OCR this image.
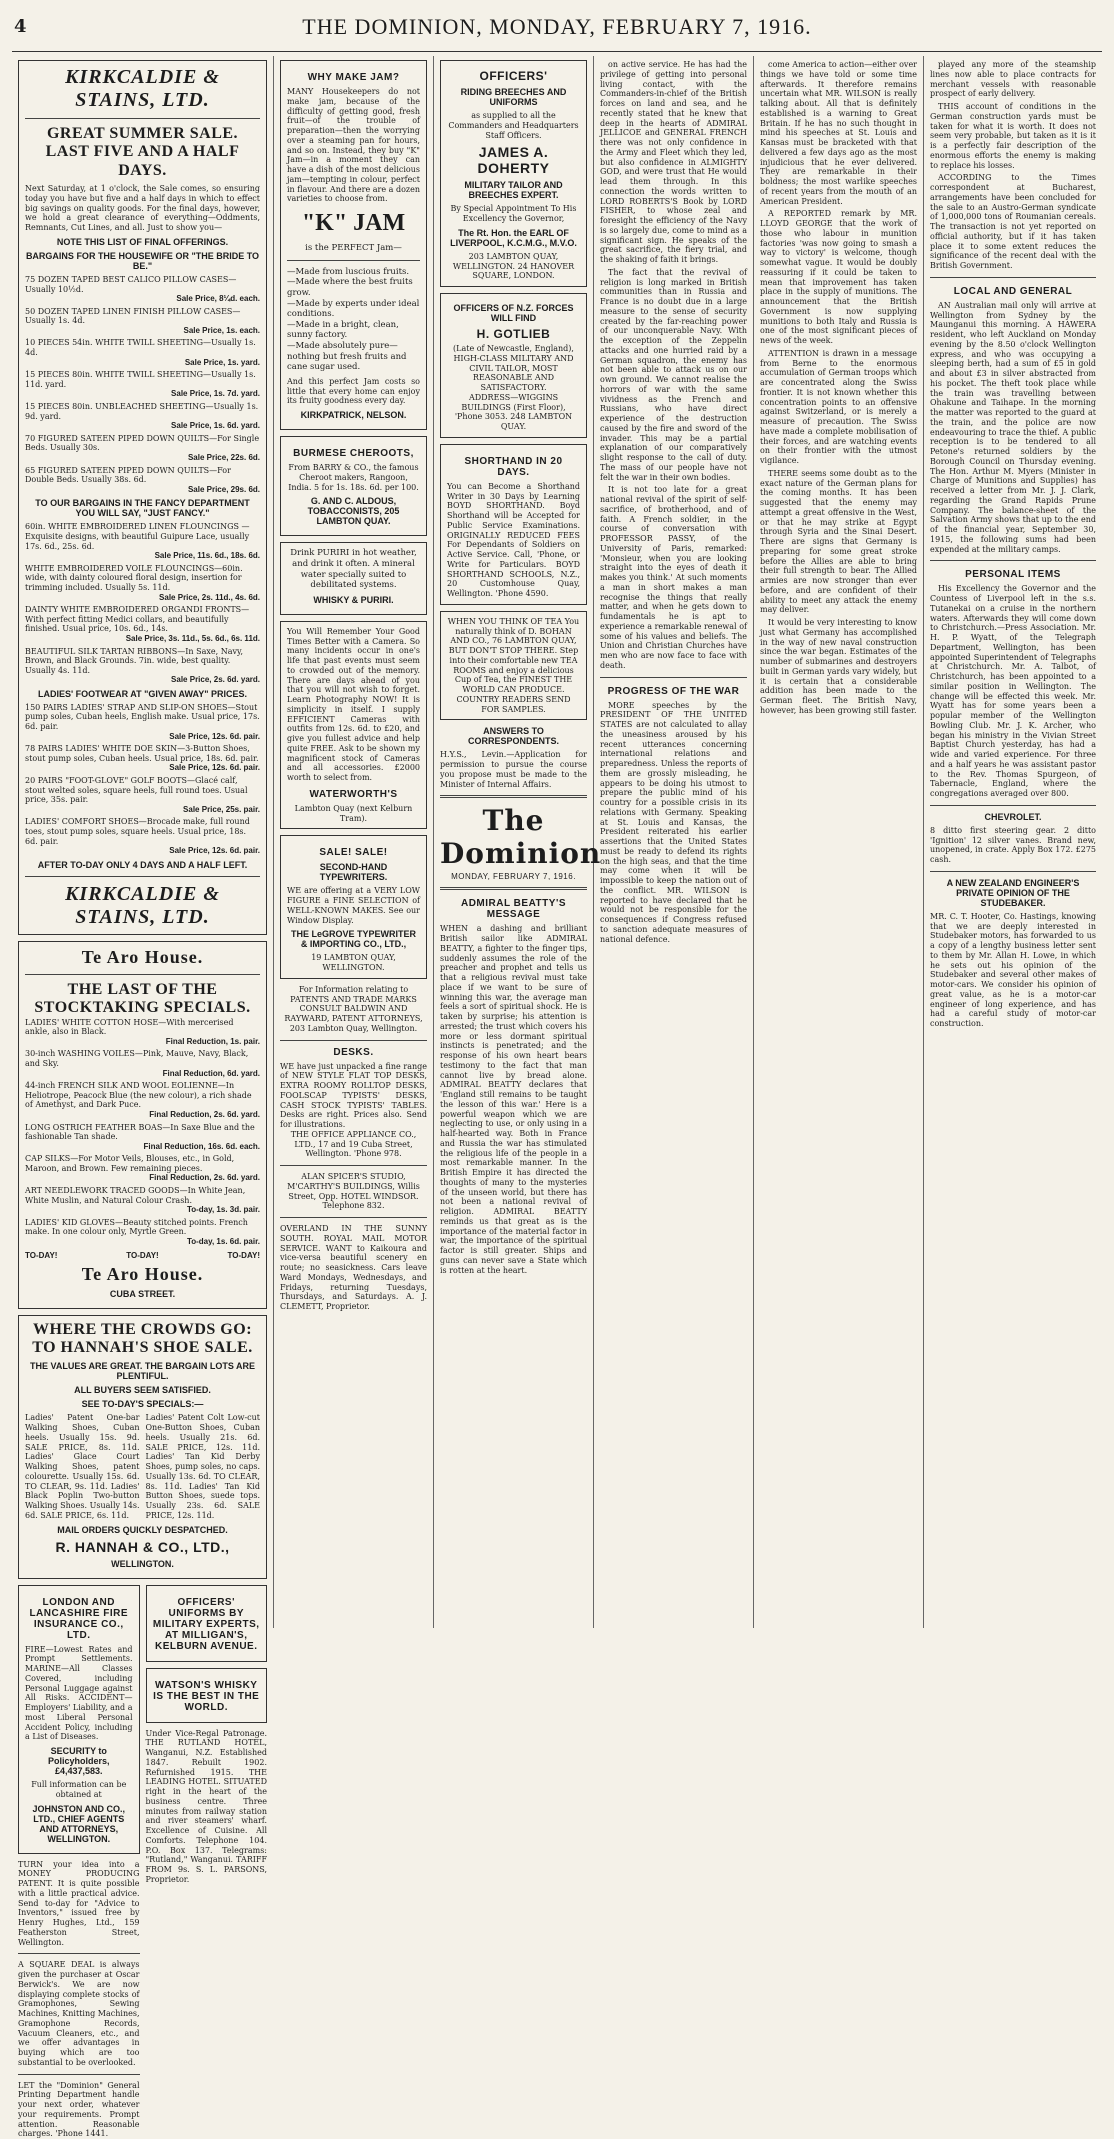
4	THE DOMINION, MONDAY, FEBRUARY 7, 1916.
KIRKCALDIE & STAINS, LTD.
GREAT SUMMER SALE.
LAST FIVE AND A HALF DAYS.
Next Saturday, at 1 o'clock, the Sale comes, so ensuring today you have but five and a half days in which to effect big savings on quality goods. For the final days, however, we hold a great clearance of everything—Oddments, Remnants, Cut Lines, and all. Just to show you—
NOTE THIS LIST OF FINAL OFFERINGS.
BARGAINS FOR THE HOUSEWIFE OR "THE BRIDE TO BE."
75 DOZEN TAPED BEST CALICO PILLOW CASES—Usually 10½d.
Sale Price, 8¼d. each.
50 DOZEN TAPED LINEN FINISH PILLOW CASES—Usually 1s. 4d.
Sale Price, 1s. each.
10 PIECES 54in. WHITE TWILL SHEETING—Usually 1s. 4d.
Sale Price, 1s. yard.
15 PIECES 80in. WHITE TWILL SHEETING—Usually 1s. 11d. yard.
Sale Price, 1s. 7d. yard.
15 PIECES 80in. UNBLEACHED SHEETING—Usually 1s. 9d. yard.
Sale Price, 1s. 6d. yard.
70 FIGURED SATEEN PIPED DOWN QUILTS—For Single Beds. Usually 30s.
Sale Price, 22s. 6d.
65 FIGURED SATEEN PIPED DOWN QUILTS—For Double Beds. Usually 38s. 6d.
Sale Price, 29s. 6d.
TO OUR BARGAINS IN THE FANCY DEPARTMENT YOU WILL SAY, "JUST FANCY."
60in. WHITE EMBROIDERED LINEN FLOUNCINGS — Exquisite designs, with beautiful Guipure Lace, usually 17s. 6d., 25s. 6d.
Sale Price, 11s. 6d., 18s. 6d.
WHITE EMBROIDERED VOILE FLOUNCINGS—60in. wide, with dainty coloured floral design, insertion for trimming included. Usually 5s. 11d.
Sale Price, 2s. 11d., 4s. 6d.
DAINTY WHITE EMBROIDERED ORGANDI FRONTS—With perfect fitting Medici collars, and beautifully finished. Usual price, 10s. 6d., 14s.
Sale Price, 3s. 11d., 5s. 6d., 6s. 11d.
BEAUTIFUL SILK TARTAN RIBBONS—In Saxe, Navy, Brown, and Black Grounds. 7in. wide, best quality. Usually 4s. 11d.
Sale Price, 2s. 6d. yard.
LADIES' FOOTWEAR AT "GIVEN AWAY" PRICES.
150 PAIRS LADIES' STRAP AND SLIP-ON SHOES—Stout pump soles, Cuban heels, English make. Usual price, 17s. 6d. pair.
Sale Price, 12s. 6d. pair.
78 PAIRS LADIES' WHITE DOE SKIN—3-Button Shoes, stout pump soles, Cuban heels. Usual price, 18s. 6d. pair.
Sale Price, 12s. 6d. pair.
20 PAIRS "FOOT-GLOVE" GOLF BOOTS—Glacé calf, stout welted soles, square heels, full round toes. Usual price, 35s. pair.
Sale Price, 25s. pair.
LADIES' COMFORT SHOES—Brocade make, full round toes, stout pump soles, square heels. Usual price, 18s. 6d. pair.
Sale Price, 12s. 6d. pair.
AFTER TO-DAY ONLY 4 DAYS AND A HALF LEFT.
KIRKCALDIE & STAINS, LTD.
Te Aro House.
THE LAST OF THE STOCKTAKING SPECIALS.
LADIES' WHITE COTTON HOSE—With mercerised ankle, also in Black.
Final Reduction, 1s. pair.
30-inch WASHING VOILES—Pink, Mauve, Navy, Black, and Sky.
Final Reduction, 6d. yard.
44-inch FRENCH SILK AND WOOL EOLIENNE—In Heliotrope, Peacock Blue (the new colour), a rich shade of Amethyst, and Dark Puce.
Final Reduction, 2s. 6d. yard.
LONG OSTRICH FEATHER BOAS—In Saxe Blue and the fashionable Tan shade.
Final Reduction, 16s. 6d. each.
CAP SILKS—For Motor Veils, Blouses, etc., in Gold, Maroon, and Brown. Few remaining pieces.
Final Reduction, 2s. 6d. yard.
ART NEEDLEWORK TRACED GOODS—In White Jean, White Muslin, and Natural Colour Crash.
To-day, 1s. 3d. pair.
LADIES' KID GLOVES—Beauty stitched points. French make. In one colour only, Myrtle Green.
To-day, 1s. 6d. pair.
TO-DAY!	TO-DAY!	TO-DAY!
Te Aro House.
CUBA STREET.
WHERE THE CROWDS GO: TO HANNAH'S SHOE SALE.
THE VALUES ARE GREAT. THE BARGAIN LOTS ARE PLENTIFUL.
ALL BUYERS SEEM SATISFIED.
SEE TO-DAY'S SPECIALS:—
Ladies' Patent One-bar Walking Shoes, Cuban heels. Usually 15s. 9d. SALE PRICE, 8s. 11d. Ladies' Glace Court Walking Shoes, patent colourette. Usually 15s. 6d. TO CLEAR, 9s. 11d. Ladies' Black Poplin Two-button Walking Shoes. Usually 14s. 6d. SALE PRICE, 6s. 11d.
Ladies' Patent Colt Low-cut One-Button Shoes, Cuban heels. Usually 21s. 6d. SALE PRICE, 12s. 11d. Ladies' Tan Kid Derby Shoes, pump soles, no caps. Usually 13s. 6d. TO CLEAR, 8s. 11d. Ladies' Tan Kid Button Shoes, suede tops. Usually 23s. 6d. SALE PRICE, 12s. 11d.
MAIL ORDERS QUICKLY DESPATCHED.
R. HANNAH & CO., LTD.,
WELLINGTON.
LONDON AND LANCASHIRE FIRE INSURANCE CO., LTD.
FIRE—Lowest Rates and Prompt Settlements. MARINE—All Classes Covered, including Personal Luggage against All Risks. ACCIDENT—Employers' Liability, and a most Liberal Personal Accident Policy, including a List of Diseases.
SECURITY to Policyholders, £4,437,583.
Full information can be obtained at
JOHNSTON AND CO., LTD., CHIEF AGENTS AND ATTORNEYS, WELLINGTON.
TURN your idea into a MONEY PRODUCING PATENT. It is quite possible with a little practical advice. Send to-day for "Advice to Inventors," issued free by Henry Hughes, Ltd., 159 Featherston Street, Wellington.
A SQUARE DEAL is always given the purchaser at Oscar Berwick's. We are now displaying complete stocks of Gramophones, Sewing Machines, Knitting Machines, Gramophone Records, Vacuum Cleaners, etc., and we offer advantages in buying which are too substantial to be overlooked.
LET the "Dominion" General Printing Department handle your next order, whatever your requirements. Prompt attention. Reasonable charges. 'Phone 1441.
OFFICERS' UNIFORMS BY MILITARY EXPERTS, AT MILLIGAN'S, KELBURN AVENUE.
WATSON'S WHISKY IS THE BEST IN THE WORLD.
Under Vice-Regal Patronage. THE RUTLAND HOTEL, Wanganui, N.Z. Established 1847. Rebuilt 1902. Refurnished 1915. THE LEADING HOTEL. SITUATED right in the heart of the business centre. Three minutes from railway station and river steamers' wharf. Excellence of Cuisine. All Comforts. Telephone 104. P.O. Box 137. Telegrams: "Rutland," Wanganui. TARIFF FROM 9s. S. L. PARSONS, Proprietor.
WHY MAKE JAM?
MANY Housekeepers do not make jam, because of the difficulty of getting good, fresh fruit—of the trouble of preparation—then the worrying over a steaming pan for hours, and so on. Instead, they buy "K" Jam—in a moment they can have a dish of the most delicious jam—tempting in colour, perfect in flavour. And there are a dozen varieties to choose from.
"K" JAM
is the PERFECT Jam—
—Made from luscious fruits.
—Made where the best fruits grow.
—Made by experts under ideal conditions.
—Made in a bright, clean, sunny factory.
—Made absolutely pure—nothing but fresh fruits and cane sugar used.
And this perfect Jam costs so little that every home can enjoy its fruity goodness every day.
KIRKPATRICK, NELSON.
BURMESE CHEROOTS,
From BARRY & CO., the famous Cheroot makers, Rangoon, India. 5 for 1s. 18s. 6d. per 100.
G. AND C. ALDOUS, TOBACCONISTS, 205 LAMBTON QUAY.
Drink PURIRI in hot weather, and drink it often. A mineral water specially suited to debilitated systems.
WHISKY & PURIRI.
You Will Remember Your Good Times Better with a Camera. So many incidents occur in one's life that past events must seem to crowded out of the memory. There are days ahead of you that you will not wish to forget. Learn Photography NOW! It is simplicity in itself. I supply EFFICIENT Cameras with outfits from 12s. 6d. to £20, and give you fullest advice and help quite FREE. Ask to be shown my magnificent stock of Cameras and all accessories. £2000 worth to select from.
WATERWORTH'S
Lambton Quay (next Kelburn Tram).
SALE! SALE!
SECOND-HAND TYPEWRITERS.
WE are offering at a VERY LOW FIGURE a FINE SELECTION of WELL-KNOWN MAKES. See our Window Display.
THE LeGROVE TYPEWRITER & IMPORTING CO., LTD.,
19 LAMBTON QUAY, WELLINGTON.
For Information relating to PATENTS AND TRADE MARKS CONSULT BALDWIN AND RAYWARD, PATENT ATTORNEYS, 203 Lambton Quay, Wellington.
DESKS.
WE have just unpacked a fine range of NEW STYLE FLAT TOP DESKS, EXTRA ROOMY ROLLTOP DESKS, FOOLSCAP TYPISTS' DESKS, CASH STOCK TYPISTS' TABLES. Desks are right. Prices also. Send for illustrations.
THE OFFICE APPLIANCE CO., LTD., 17 and 19 Cuba Street, Wellington. 'Phone 978.
ALAN SPICER'S STUDIO, M'CARTHY'S BUILDINGS, Willis Street, Opp. HOTEL WINDSOR. Telephone 832.
OVERLAND IN THE SUNNY SOUTH. ROYAL MAIL MOTOR SERVICE. WANT to Kaikoura and vice-versa beautiful scenery en route; no seasickness. Cars leave Ward Mondays, Wednesdays, and Fridays, returning Tuesdays, Thursdays, and Saturdays. A. J. CLEMETT, Proprietor.
OFFICERS'
RIDING BREECHES AND UNIFORMS
as supplied to all the Commanders and Headquarters Staff Officers.
JAMES A. DOHERTY
MILITARY TAILOR AND BREECHES EXPERT.
By Special Appointment To His Excellency the Governor,
The Rt. Hon. the EARL OF LIVERPOOL, K.C.M.G., M.V.O.
203 LAMBTON QUAY, WELLINGTON. 24 HANOVER SQUARE, LONDON.
OFFICERS OF N.Z. FORCES WILL FIND
H. GOTLIEB
(Late of Newcastle, England), HIGH-CLASS MILITARY AND CIVIL TAILOR, MOST REASONABLE AND SATISFACTORY.
ADDRESS—WIGGINS BUILDINGS (First Floor), 'Phone 3053. 248 LAMBTON QUAY.
SHORTHAND IN 20 DAYS.
You can Become a Shorthand Writer in 30 Days by Learning BOYD SHORTHAND. Boyd Shorthand will be Accepted for Public Service Examinations. ORIGINALLY REDUCED FEES For Dependants of Soldiers on Active Service. Call, 'Phone, or Write for Particulars. BOYD SHORTHAND SCHOOLS, N.Z., 20 Customhouse Quay, Wellington. 'Phone 4590.
WHEN YOU THINK OF TEA You naturally think of D. BOHAN AND CO., 76 LAMBTON QUAY, BUT DON'T STOP THERE. Step into their comfortable new TEA ROOMS and enjoy a delicious Cup of Tea, the FINEST THE WORLD CAN PRODUCE. COUNTRY READERS SEND FOR SAMPLES.
ANSWERS TO CORRESPONDENTS.
H.Y.S., Levin.—Application for permission to pursue the course you propose must be made to the Minister of Internal Affairs.
The Dominion
MONDAY, FEBRUARY 7, 1916.
ADMIRAL BEATTY'S MESSAGE
WHEN a dashing and brilliant British sailor like ADMIRAL BEATTY, a fighter to the finger tips, suddenly assumes the role of the preacher and prophet and tells us that a religious revival must take place if we want to be sure of winning this war, the average man feels a sort of spiritual shock. He is taken by surprise; his attention is arrested; the trust which covers his more or less dormant spiritual instincts is penetrated; and the response of his own heart bears testimony to the fact that man cannot live by bread alone. ADMIRAL BEATTY declares that 'England still remains to be taught the lesson of this war.' Here is a powerful weapon which we are neglecting to use, or only using in a half-hearted way. Both in France and Russia the war has stimulated the religious life of the people in a most remarkable manner. In the British Empire it has directed the thoughts of many to the mysteries of the unseen world, but there has not been a national revival of religion. ADMIRAL BEATTY reminds us that great as is the importance of the material factor in war, the importance of the spiritual factor is still greater. Ships and guns can never save a State which is rotten at the heart.

on active service. He has had the privilege of getting into personal living contact, with the Commanders-in-chief of the British forces on land and sea, and he recently stated that he knew that deep in the hearts of ADMIRAL JELLICOE and GENERAL FRENCH there was not only confidence in the Army and Fleet which they led, but also confidence in ALMIGHTY GOD, and were trust that He would lead them through. In this connection the words written to LORD ROBERTS'S Book by LORD FISHER, to whose zeal and foresight the efficiency of the Navy is so largely due, come to mind as a significant sign. He speaks of the great sacrifice, the fiery trial, and the shaking of faith it brings.

The fact that the revival of religion is long marked in British communities than in Russia and France is no doubt due in a large measure to the sense of security created by the far-reaching power of our unconquerable Navy. With the exception of the Zeppelin attacks and one hurried raid by a German squadron, the enemy has not been able to attack us on our own ground. We cannot realise the horrors of war with the same vividness as the French and Russians, who have direct experience of the destruction caused by the fire and sword of the invader. This may be a partial explanation of our comparatively slight response to the call of duty. The mass of our people have not felt the war in their own bodies.

It is not too late for a great national revival of the spirit of self-sacrifice, of brotherhood, and of faith. A French soldier, in the course of conversation with PROFESSOR PASSY, of the University of Paris, remarked: 'Monsieur, when you are looking straight into the eyes of death it makes you think.' At such moments a man in short makes a man recognise the things that really matter, and when he gets down to fundamentals he is apt to experience a remarkable renewal of some of his values and beliefs. The Union and Christian Churches have men who are now face to face with death.

PROGRESS OF THE WAR

MORE speeches by the PRESIDENT OF THE UNITED STATES are not calculated to allay the uneasiness aroused by his recent utterances concerning international relations and preparedness. Unless the reports of them are grossly misleading, he appears to be doing his utmost to prepare the public mind of his country for a possible crisis in its relations with Germany. Speaking at St. Louis and Kansas, the President reiterated his earlier assertions that the United States must be ready to defend its rights on the high seas, and that the time may come when it will be impossible to keep the nation out of the conflict. MR. WILSON is reported to have declared that he would not be responsible for the consequences if Congress refused to sanction adequate measures of national defence.

come America to action—either over things we have told or some time afterwards. It therefore remains uncertain what MR. WILSON is really talking about. All that is definitely established is a warning to Great Britain. If he has no such thought in mind his speeches at St. Louis and Kansas must be bracketed with that delivered a few days ago as the most injudicious that he ever delivered. They are remarkable in their boldness; the most warlike speeches of recent years from the mouth of an American President.

A REPORTED remark by MR. LLOYD GEORGE that the work of those who labour in munition factories 'was now going to smash a way to victory' is welcome, though somewhat vague. It would be doubly reassuring if it could be taken to mean that improvement has taken place in the supply of munitions. The announcement that the British Government is now supplying munitions to both Italy and Russia is one of the most significant pieces of news of the week.

ATTENTION is drawn in a message from Berne to the enormous accumulation of German troops which are concentrated along the Swiss frontier. It is not known whether this concentration points to an offensive against Switzerland, or is merely a measure of precaution. The Swiss have made a complete mobilisation of their forces, and are watching events on their frontier with the utmost vigilance.

THERE seems some doubt as to the exact nature of the German plans for the coming months. It has been suggested that the enemy may attempt a great offensive in the West, or that he may strike at Egypt through Syria and the Sinai Desert. There are signs that Germany is preparing for some great stroke before the Allies are able to bring their full strength to bear. The Allied armies are now stronger than ever before, and are confident of their ability to meet any attack the enemy may deliver.

It would be very interesting to know just what Germany has accomplished in the way of new naval construction since the war began. Estimates of the number of submarines and destroyers built in German yards vary widely, but it is certain that a considerable addition has been made to the German fleet. The British Navy, however, has been growing still faster.

played any more of the steamship lines now able to place contracts for merchant vessels with reasonable prospect of early delivery.

THIS account of conditions in the German construction yards must be taken for what it is worth. It does not seem very probable, but taken as it is it is a perfectly fair description of the enormous efforts the enemy is making to replace his losses.

ACCORDING to the Times correspondent at Bucharest, arrangements have been concluded for the sale to an Austro-German syndicate of 1,000,000 tons of Roumanian cereals. The transaction is not yet reported on official authority, but if it has taken place it to some extent reduces the significance of the recent deal with the British Government.

LOCAL AND GENERAL

AN Australian mail only will arrive at Wellington from Sydney by the Maunganui this morning. A HAWERA resident, who left Auckland on Monday evening by the 8.50 o'clock Wellington express, and who was occupying a sleeping berth, had a sum of £5 in gold and about £3 in silver abstracted from his pocket. The theft took place while the train was travelling between Ohakune and Taihape. In the morning the matter was reported to the guard at the train, and the police are now endeavouring to trace the thief. A public reception is to be tendered to all Petone's returned soldiers by the Borough Council on Thursday evening. The Hon. Arthur M. Myers (Minister in Charge of Munitions and Supplies) has received a letter from Mr. J. J. Clark, regarding the Grand Rapids Prune Company. The balance-sheet of the Salvation Army shows that up to the end of the financial year, September 30, 1915, the following sums had been expended at the military camps.

PERSONAL ITEMS

His Excellency the Governor and the Countess of Liverpool left in the s.s. Tutanekai on a cruise in the northern waters. Afterwards they will come down to Christchurch.—Press Association. Mr. H. P. Wyatt, of the Telegraph Department, Wellington, has been appointed Superintendent of Telegraphs at Christchurch. Mr. A. Talbot, of Christchurch, has been appointed to a similar position in Wellington. The change will be effected this week. Mr. Wyatt has for some years been a popular member of the Wellington Bowling Club. Mr. J. K. Archer, who began his ministry in the Vivian Street Baptist Church yesterday, has had a wide and varied experience. For three and a half years he was assistant pastor to the Rev. Thomas Spurgeon, of Tabernacle, England, where the congregations averaged over 800.

CHEVROLET.
8 ditto first steering gear. 2 ditto 'Ignition' 12 silver vanes. Brand new, unopened, in crate. Apply Box 172. £275 cash.
A NEW ZEALAND ENGINEER'S PRIVATE OPINION OF THE STUDEBAKER.
MR. C. T. Hooter, Co. Hastings, knowing that we are deeply interested in Studebaker motors, has forwarded to us a copy of a lengthy business letter sent to them by Mr. Allan H. Lowe, in which he sets out his opinion of the Studebaker and several other makes of motor-cars. We consider his opinion of great value, as he is a motor-car engineer of long experience, and has had a careful study of motor-car construction.
